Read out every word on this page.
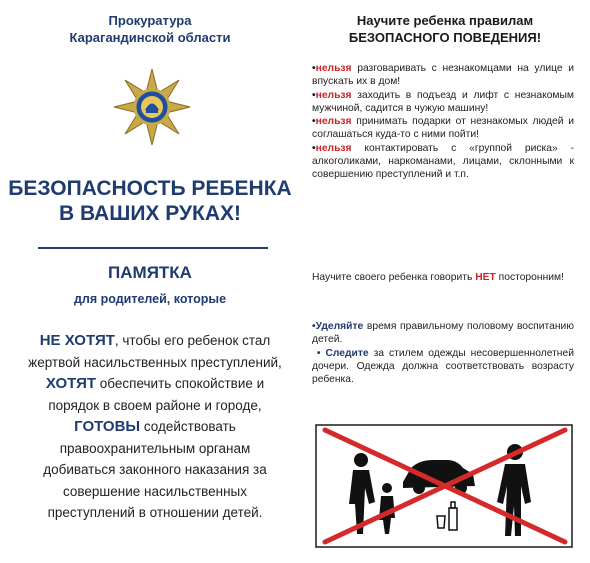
Прокуратура
Карагандинской области
БЕЗОПАСНОСТЬ РЕБЕНКА
В ВАШИХ РУКАХ!
ПАМЯТКА
для родителей, которые
НЕ ХОТЯТ, чтобы его ребенок стал жертвой насильственных преступлений,
ХОТЯТ обеспечить спокойствие и порядок в своем районе и городе,
ГОТОВЫ содействовать правоохранительным органам добиваться законного наказания за совершение насильственных преступлений в отношении детей.
Научите ребенка правилам
БЕЗОПАСНОГО ПОВЕДЕНИЯ!

•нельзя разговаривать с незнакомцами на улице и впускать их в дом!

•нельзя заходить в подъезд и лифт с незнакомым мужчиной, садится в чужую машину!

•нельзя принимать подарки от незнакомых людей и соглашаться куда-то с ними пойти!

•нельзя контактировать с «группой риска» - алкоголиками, наркоманами, лицами, склонными к совершению преступлений и т.п.

Научите своего ребенка говорить НЕТ посторонним!

•Уделяйте время правильному половому воспитанию детей.

• Следите за стилем одежды несовершеннолетней дочери. Одежда должна соответствовать возрасту ребенка.
